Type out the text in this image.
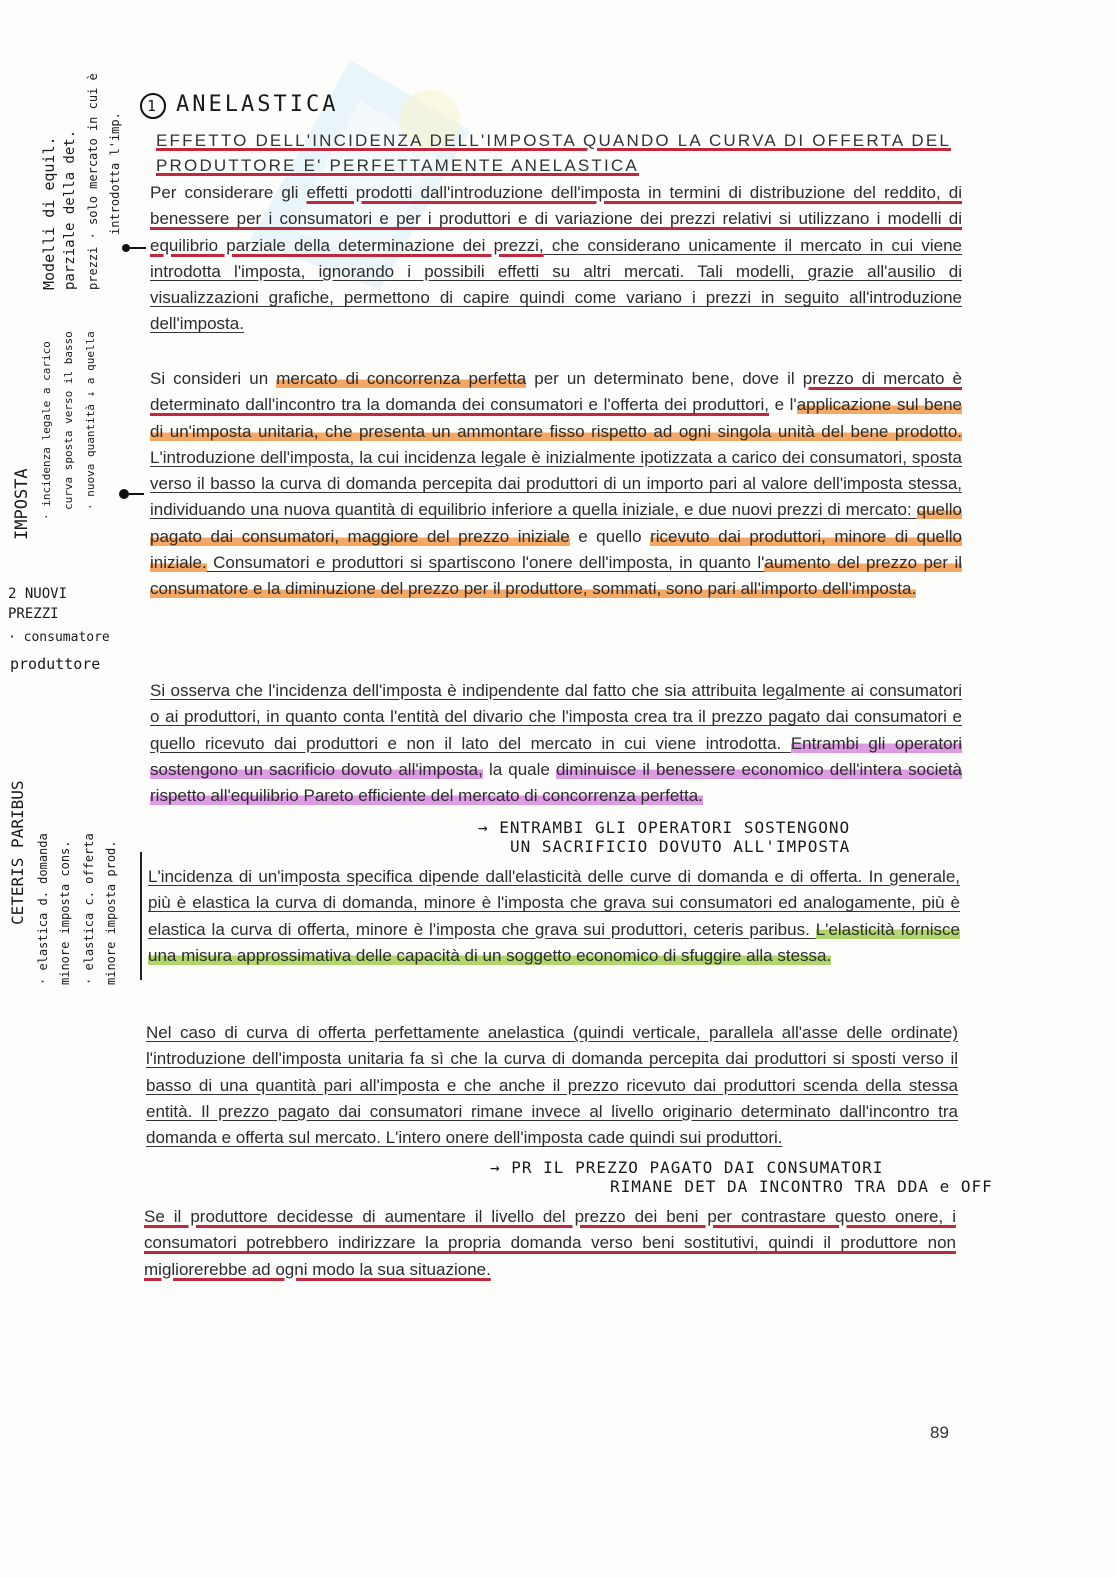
1 ANELASTICA
EFFETTO DELL'INCIDENZA DELL'IMPOSTA QUANDO LA CURVA DI OFFERTA DEL PRODUTTORE E' PERFETTAMENTE ANELASTICA

Per considerare gli effetti prodotti dall'introduzione dell'imposta in termini di distribuzione del reddito, di benessere per i consumatori e per i produttori e di variazione dei prezzi relativi si utilizzano i modelli di equilibrio parziale della determinazione dei prezzi, che considerano unicamente il mercato in cui viene introdotta l'imposta, ignorando i possibili effetti su altri mercati. Tali modelli, grazie all'ausilio di visualizzazioni grafiche, permettono di capire quindi come variano i prezzi in seguito all'introduzione dell'imposta.

Si consideri un mercato di concorrenza perfetta per un determinato bene, dove il prezzo di mercato è determinato dall'incontro tra la domanda dei consumatori e l'offerta dei produttori, e l'applicazione sul bene di un'imposta unitaria, che presenta un ammontare fisso rispetto ad ogni singola unità del bene prodotto. L'introduzione dell'imposta, la cui incidenza legale è inizialmente ipotizzata a carico dei consumatori, sposta verso il basso la curva di domanda percepita dai produttori di un importo pari al valore dell'imposta stessa, individuando una nuova quantità di equilibrio inferiore a quella iniziale, e due nuovi prezzi di mercato: quello pagato dai consumatori, maggiore del prezzo iniziale e quello ricevuto dai produttori, minore di quello iniziale. Consumatori e produttori si spartiscono l'onere dell'imposta, in quanto l'aumento del prezzo per il consumatore e la diminuzione del prezzo per il produttore, sommati, sono pari all'importo dell'imposta.

Si osserva che l'incidenza dell'imposta è indipendente dal fatto che sia attribuita legalmente ai consumatori o ai produttori, in quanto conta l'entità del divario che l'imposta crea tra il prezzo pagato dai consumatori e quello ricevuto dai produttori e non il lato del mercato in cui viene introdotta. Entrambi gli operatori sostengono un sacrificio dovuto all'imposta, la quale diminuisce il benessere economico dell'intera società rispetto all'equilibrio Pareto efficiente del mercato di concorrenza perfetta.

→ ENTRAMBI GLI OPERATORI SOSTENGONO
UN SACRIFICIO DOVUTO ALL'IMPOSTA

L'incidenza di un'imposta specifica dipende dall'elasticità delle curve di domanda e di offerta. In generale, più è elastica la curva di domanda, minore è l'imposta che grava sui consumatori ed analogamente, più è elastica la curva di offerta, minore è l'imposta che grava sui produttori, ceteris paribus. L'elasticità fornisce una misura approssimativa delle capacità di un soggetto economico di sfuggire alla stessa.

Nel caso di curva di offerta perfettamente anelastica (quindi verticale, parallela all'asse delle ordinate) l'introduzione dell'imposta unitaria fa sì che la curva di domanda percepita dai produttori si sposti verso il basso di una quantità pari all'imposta e che anche il prezzo ricevuto dai produttori scenda della stessa entità. Il prezzo pagato dai consumatori rimane invece al livello originario determinato dall'incontro tra domanda e offerta sul mercato. L'intero onere dell'imposta cade quindi sui produttori.

→ PR IL PREZZO PAGATO DAI CONSUMATORI
RIMANE DET DA INCONTRO TRA DDA e OFF

Se il produttore decidesse di aumentare il livello del prezzo dei beni per contrastare questo onere, i consumatori potrebbero indirizzare la propria domanda verso beni sostitutivi, quindi il produttore non migliorerebbe ad ogni modo la sua situazione.

Modelli di equil. parziale della det. prezzi · solo mercato in cui è introdotta l'imp.
IMPOSTA · incidenza legale a carico curva sposta verso il basso · nuova quantità ↓ a quella
2 NUOVI
PREZZI
· consumatore
produttore
CETERIS PARIBUS · elastica d. domanda minore imposta cons. · elastica c. offerta minore imposta prod.
89
